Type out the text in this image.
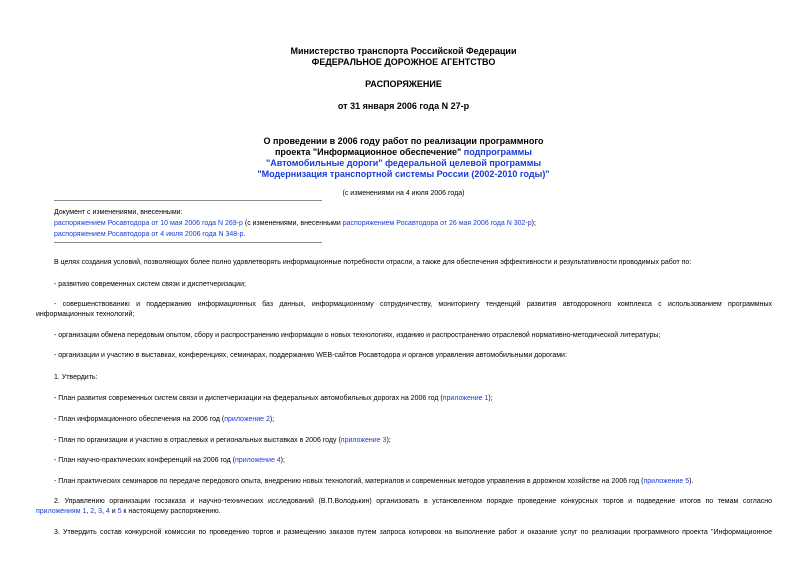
Министерство транспорта Российской Федерации
ФЕДЕРАЛЬНОЕ ДОРОЖНОЕ АГЕНТСТВО
РАСПОРЯЖЕНИЕ
от 31 января 2006 года N 27-р
О проведении в 2006 году работ по реализации программного
проекта "Информационное обеспечение" подпрограммы
"Автомобильные дороги" федеральной целевой программы
"Модернизация транспортной системы России (2002-2010 годы)"
(с изменениями на 4 июля 2006 года)
Документ с изменениями, внесенными:
распоряжением Росавтодора от 10 мая 2006 года N 269-р (с изменениями, внесенными распоряжением Росавтодора от 26 мая 2006 года N 302-р);
распоряжением Росавтодора от 4 июля 2006 года N 348-р.
В целях создания условий, позволяющих более полно удовлетворять информационные потребности отрасли, а также для обеспечения эффективности и результативности проводимых работ по:
- развитию современных систем связи и диспетчеризации;
- совершенствованию и поддержанию информационных баз данных, информационному сотрудничеству, мониторингу тенденций развития автодорожного комплекса с использованием программных
информационных технологий;
- организации обмена передовым опытом, сбору и распространению информации о новых технологиях, изданию и распространению отраслевой нормативно-методической литературы;
- организации и участию в выставках, конференциях, семинарах, поддержанию WEB-сайтов Росавтодора и органов управления автомобильными дорогами:
1. Утвердить:
- План развития современных систем связи и диспетчеризации на федеральных автомобильных дорогах на 2006 год (приложение 1);
- План информационного обеспечения на 2006 год (приложение 2);
- План по организации и участию в отраслевых и региональных выставках в 2006 году (приложение 3);
- План научно-практических конференций на 2006 год (приложение 4);
- План практических семинаров по передаче передового опыта, внедрению новых технологий, материалов и современных методов управления в дорожном хозяйстве на 2006 год (приложение 5).
2. Управлению организации госзаказа и научно-технических исследований (В.П.Володькин) организовать в установленном порядке проведение конкурсных торгов и подведение итогов по темам согласно
приложениям 1, 2, 3, 4 и 5 к настоящему распоряжению.
3. Утвердить состав конкурсной комиссии по проведению торгов и размещению заказов путем запроса котировок на выполнение работ и оказание услуг по реализации программного проекта "Информационное
